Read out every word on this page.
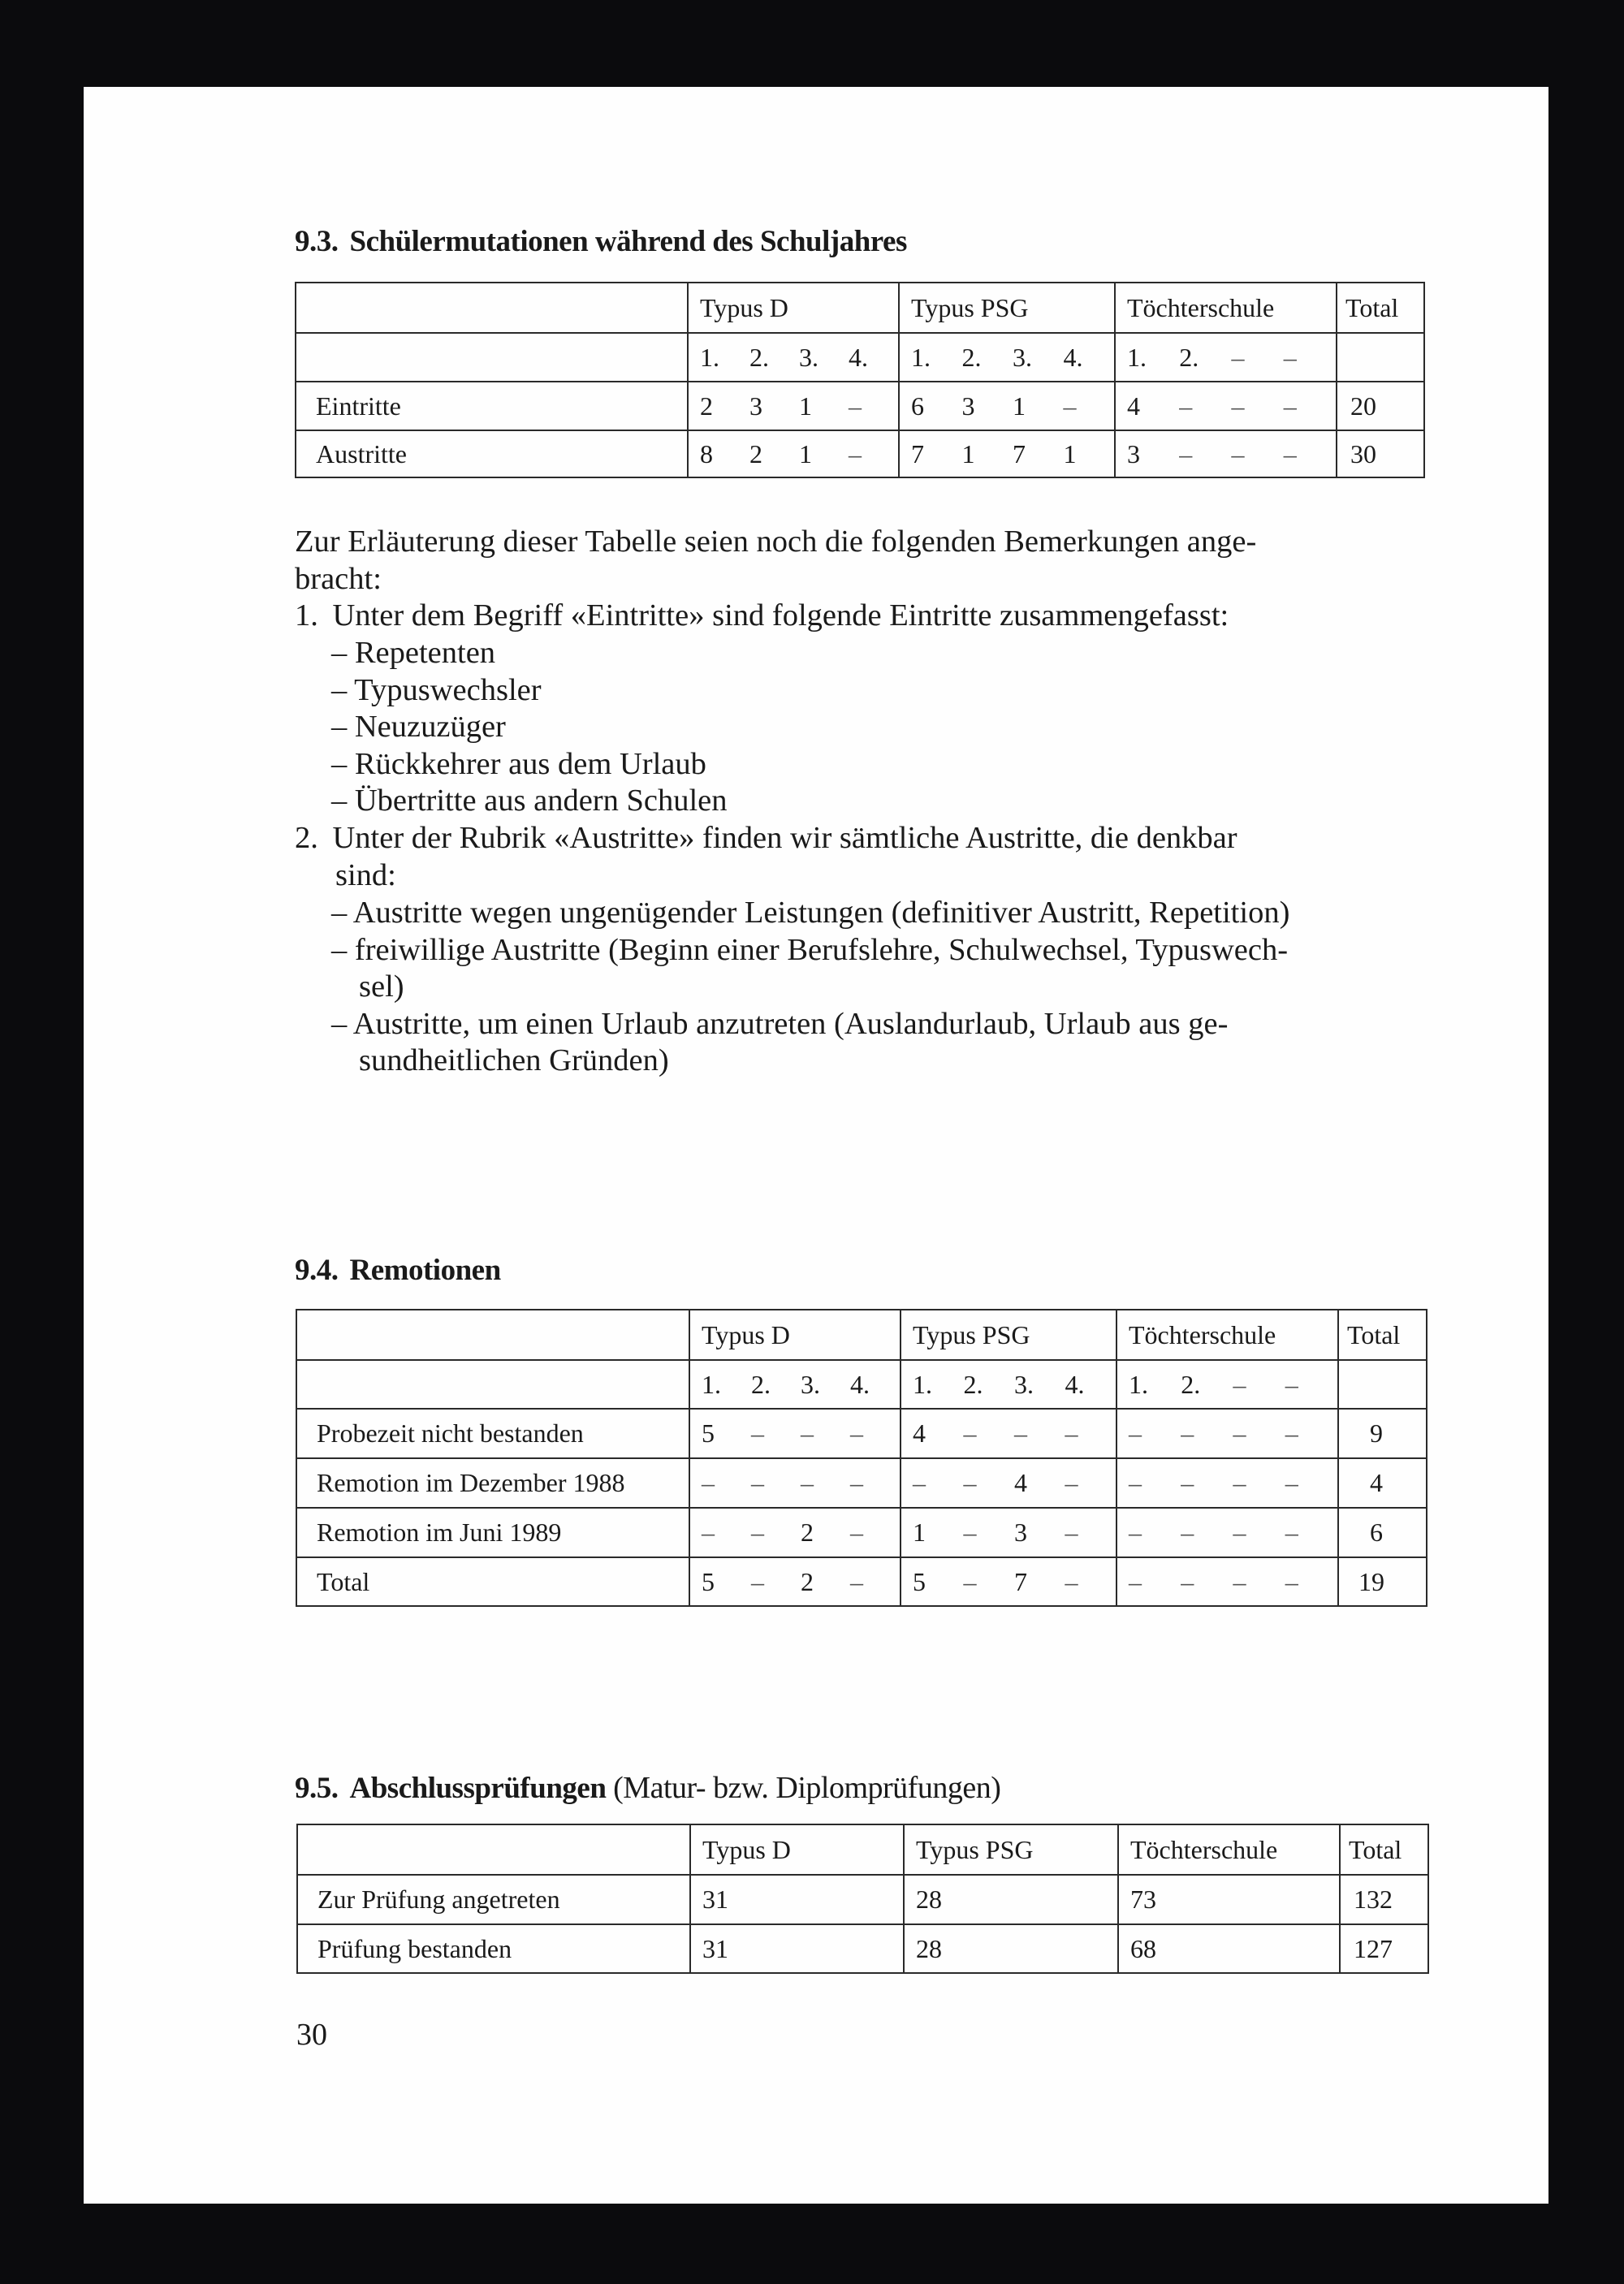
9.3. Schülermutationen während des Schuljahres
	Typus D	Typus PSG	Töchterschule	Total

	1. 2. 3. 4.	1. 2. 3. 4.	1. 2. – –	

Eintritte	2 3 1 –	6 3 1 –	4 – – –	20
Austritte	8 2 1 –	7 1 7 1	3 – – –	30
Zur Erläuterung dieser Tabelle seien noch die folgenden Bemerkungen ange-
bracht:
1. Unter dem Begriff «Eintritte» sind folgende Eintritte zusammengefasst:
– Repetenten
– Typuswechsler
– Neuzuzüger
– Rückkehrer aus dem Urlaub
– Übertritte aus andern Schulen
2. Unter der Rubrik «Austritte» finden wir sämtliche Austritte, die denkbar
sind:
– Austritte wegen ungenügender Leistungen (definitiver Austritt, Repetition)
– freiwillige Austritte (Beginn einer Berufslehre, Schulwechsel, Typuswech-
sel)
– Austritte, um einen Urlaub anzutreten (Auslandurlaub, Urlaub aus ge-
sundheitlichen Gründen)
9.4. Remotionen
	Typus D	Typus PSG	Töchterschule	Total

	1. 2. 3. 4.	1. 2. 3. 4.	1. 2. – –	

Probezeit nicht bestanden	5 – – –	4 – – –	– – – –	9
Remotion im Dezember 1988	– – – –	– – 4 –	– – – –	4
Remotion im Juni 1989	– – 2 –	1 – 3 –	– – – –	6
Total	5 – 2 –	5 – 7 –	– – – –	19
9.5. Abschlussprüfungen (Matur- bzw. Diplomprüfungen)
	Typus D	Typus PSG	Töchterschule	Total
Zur Prüfung angetreten	31	28	73	132
Prüfung bestanden	31	28	68	127
30
